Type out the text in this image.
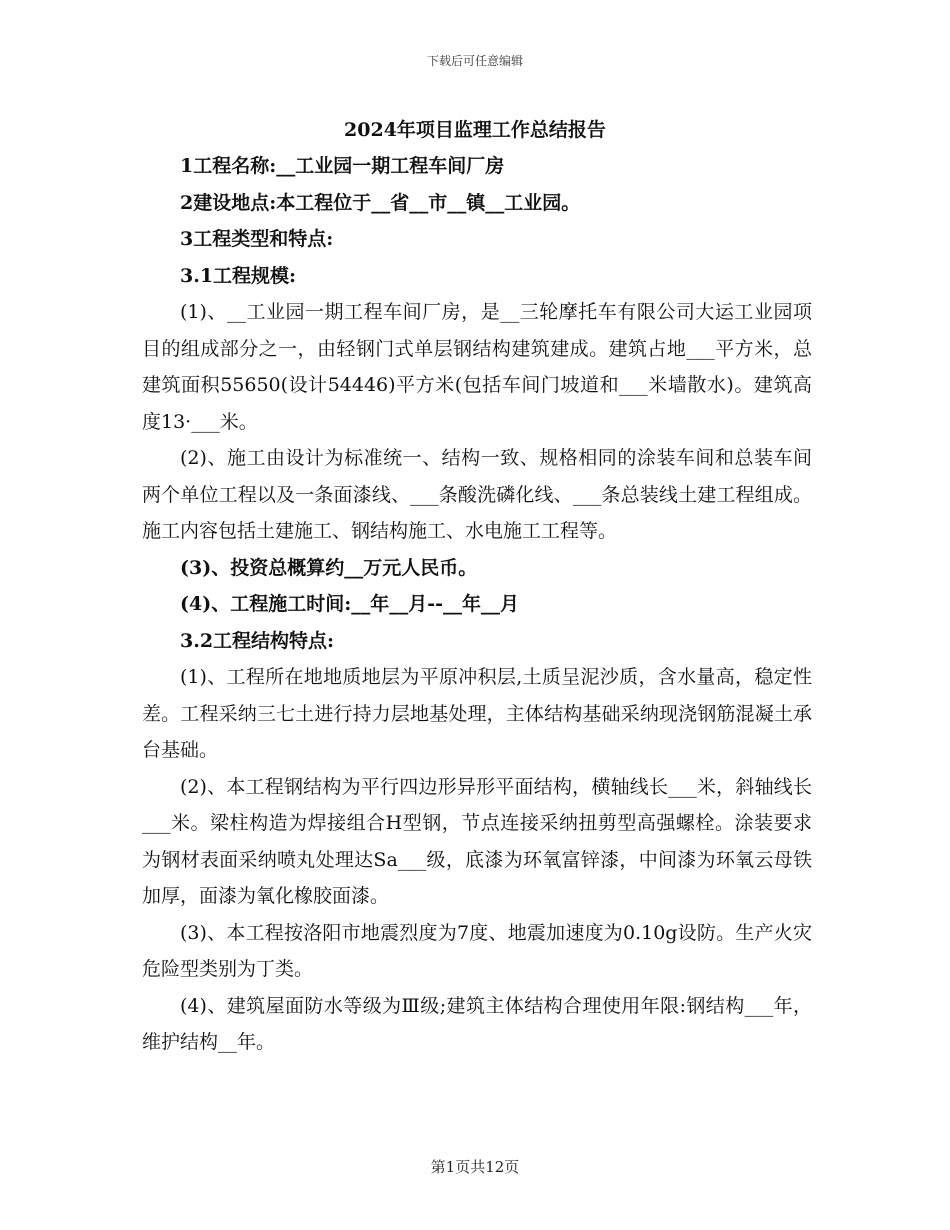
下载后可任意编辑
2024年项目监理工作总结报告

1工程名称:__工业园一期工程车间厂房

2建设地点:本工程位于__省__市__镇__工业园。

3工程类型和特点:

3.1工程规模:

(1)、__工业园一期工程车间厂房，是__三轮摩托车有限公司大运工业园项目的组成部分之一，由轻钢门式单层钢结构建筑建成。建筑占地___平方米，总建筑面积55650(设计54446)平方米(包括车间门坡道和___米墙散水)。建筑高度13·___米。

(2)、施工由设计为标准统一、结构一致、规格相同的涂装车间和总装车间两个单位工程以及一条面漆线、___条酸洗磷化线、___条总装线土建工程组成。施工内容包括土建施工、钢结构施工、水电施工工程等。

(3)、投资总概算约__万元人民币。

(4)、工程施工时间:__年__月--__年__月

3.2工程结构特点:

(1)、工程所在地地质地层为平原冲积层,土质呈泥沙质，含水量高，稳定性差。工程采纳三七土进行持力层地基处理，主体结构基础采纳现浇钢筋混凝土承台基础。

(2)、本工程钢结构为平行四边形异形平面结构，横轴线长___米，斜轴线长___米。梁柱构造为焊接组合H型钢，节点连接采纳扭剪型高强螺栓。涂装要求为钢材表面采纳喷丸处理达Sa___级，底漆为环氧富锌漆，中间漆为环氧云母铁加厚，面漆为氧化橡胶面漆。

(3)、本工程按洛阳市地震烈度为7度、地震加速度为0.10g设防。生产火灾危险型类别为丁类。

(4)、建筑屋面防水等级为Ⅲ级;建筑主体结构合理使用年限:钢结构___年，维护结构__年。

第1页共12页
